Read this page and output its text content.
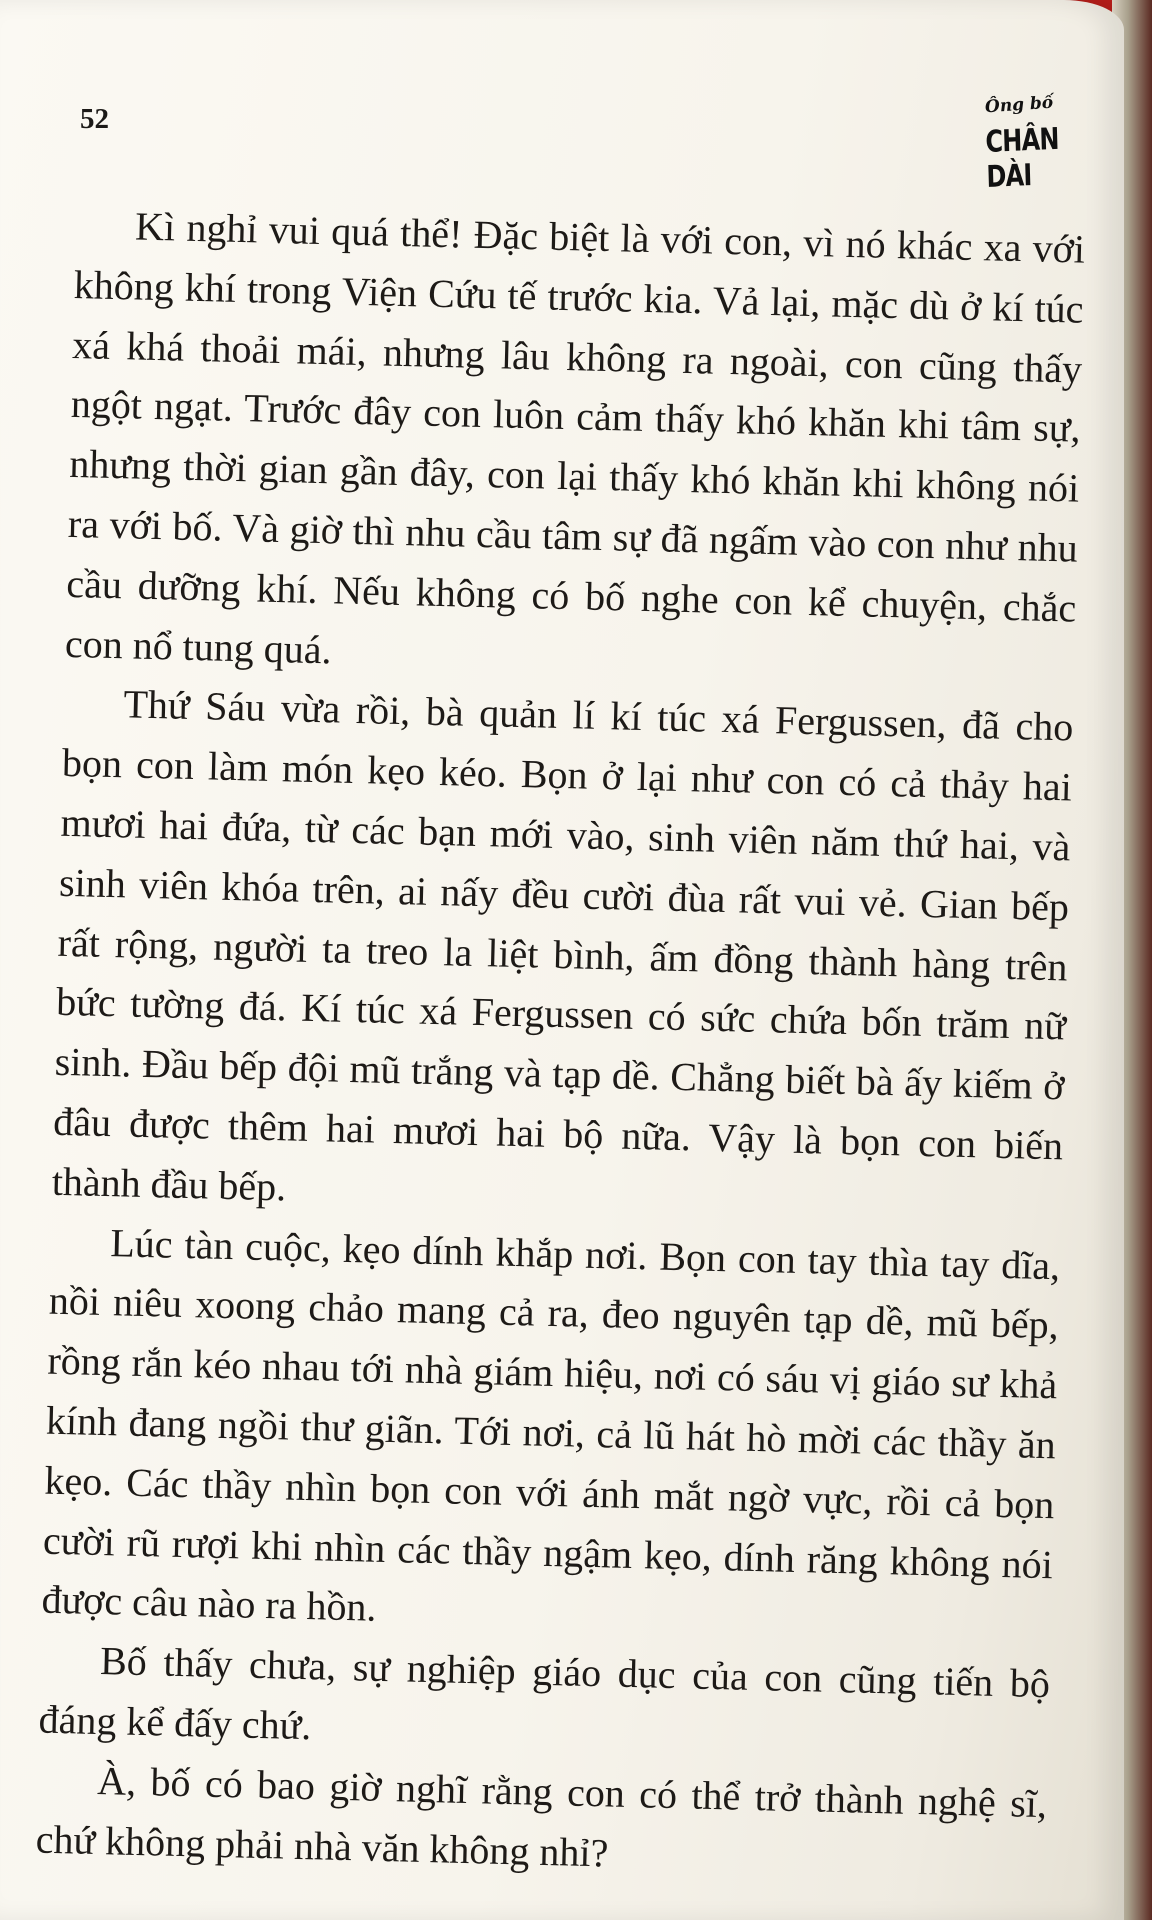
52	Ông bố
CHÂN DÀI

Kì nghỉ vui quá thể! Đặc biệt là với con, vì nó khác xa với không khí trong Viện Cứu tế trước kia. Vả lại, mặc dù ở kí túc xá khá thoải mái, nhưng lâu không ra ngoài, con cũng thấy ngột ngạt. Trước đây con luôn cảm thấy khó khăn khi tâm sự, nhưng thời gian gần đây, con lại thấy khó khăn khi không nói ra với bố. Và giờ thì nhu cầu tâm sự đã ngấm vào con như nhu cầu dưỡng khí. Nếu không có bố nghe con kể chuyện, chắc con nổ tung quá.

Thứ Sáu vừa rồi, bà quản lí kí túc xá Fergussen, đã cho bọn con làm món kẹo kéo. Bọn ở lại như con có cả thảy hai mươi hai đứa, từ các bạn mới vào, sinh viên năm thứ hai, và sinh viên khóa trên, ai nấy đều cười đùa rất vui vẻ. Gian bếp rất rộng, người ta treo la liệt bình, ấm đồng thành hàng trên bức tường đá. Kí túc xá Fergussen có sức chứa bốn trăm nữ sinh. Đầu bếp đội mũ trắng và tạp dề. Chẳng biết bà ấy kiếm ở đâu được thêm hai mươi hai bộ nữa. Vậy là bọn con biến thành đầu bếp.

Lúc tàn cuộc, kẹo dính khắp nơi. Bọn con tay thìa tay dĩa, nồi niêu xoong chảo mang cả ra, đeo nguyên tạp dề, mũ bếp, rồng rắn kéo nhau tới nhà giám hiệu, nơi có sáu vị giáo sư khả kính đang ngồi thư giãn. Tới nơi, cả lũ hát hò mời các thầy ăn kẹo. Các thầy nhìn bọn con với ánh mắt ngờ vực, rồi cả bọn cười rũ rượi khi nhìn các thầy ngậm kẹo, dính răng không nói được câu nào ra hồn.

Bố thấy chưa, sự nghiệp giáo dục của con cũng tiến bộ đáng kể đấy chứ.

À, bố có bao giờ nghĩ rằng con có thể trở thành nghệ sĩ, chứ không phải nhà văn không nhỉ?
